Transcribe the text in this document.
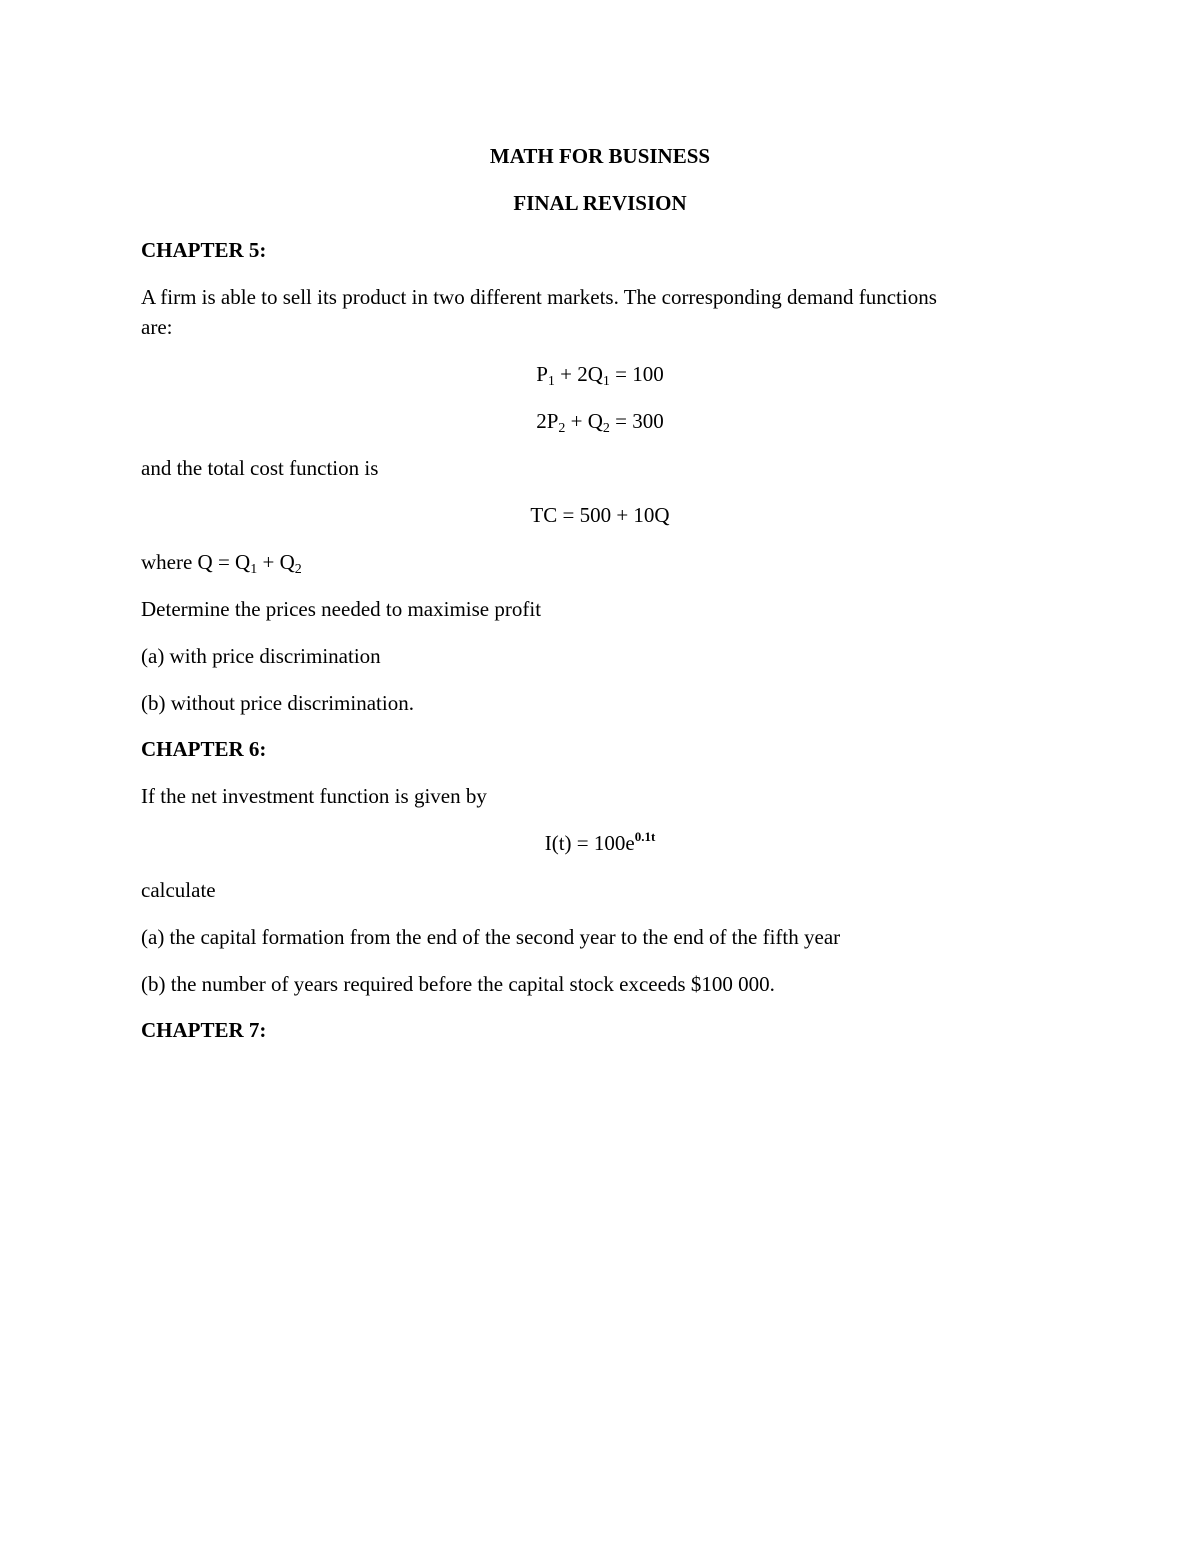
MATH FOR BUSINESS
FINAL REVISION
CHAPTER 5:
A firm is able to sell its product in two different markets. The corresponding demand functions
are:
$P_1 + 2Q_1 = 100$
$2P_2 + Q_2 = 300$
and the total cost function is
TC = 500 + 10Q
where $Q = Q_1 + Q_2$
Determine the prices needed to maximise profit
(a) with price discrimination
(b) without price discrimination.
CHAPTER 6:
If the net investment function is given by
$I(t) = 100e^{0.1t}$
calculate
(a) the capital formation from the end of the second year to the end of the fifth year
(b) the number of years required before the capital stock exceeds $100 000.
CHAPTER 7:
